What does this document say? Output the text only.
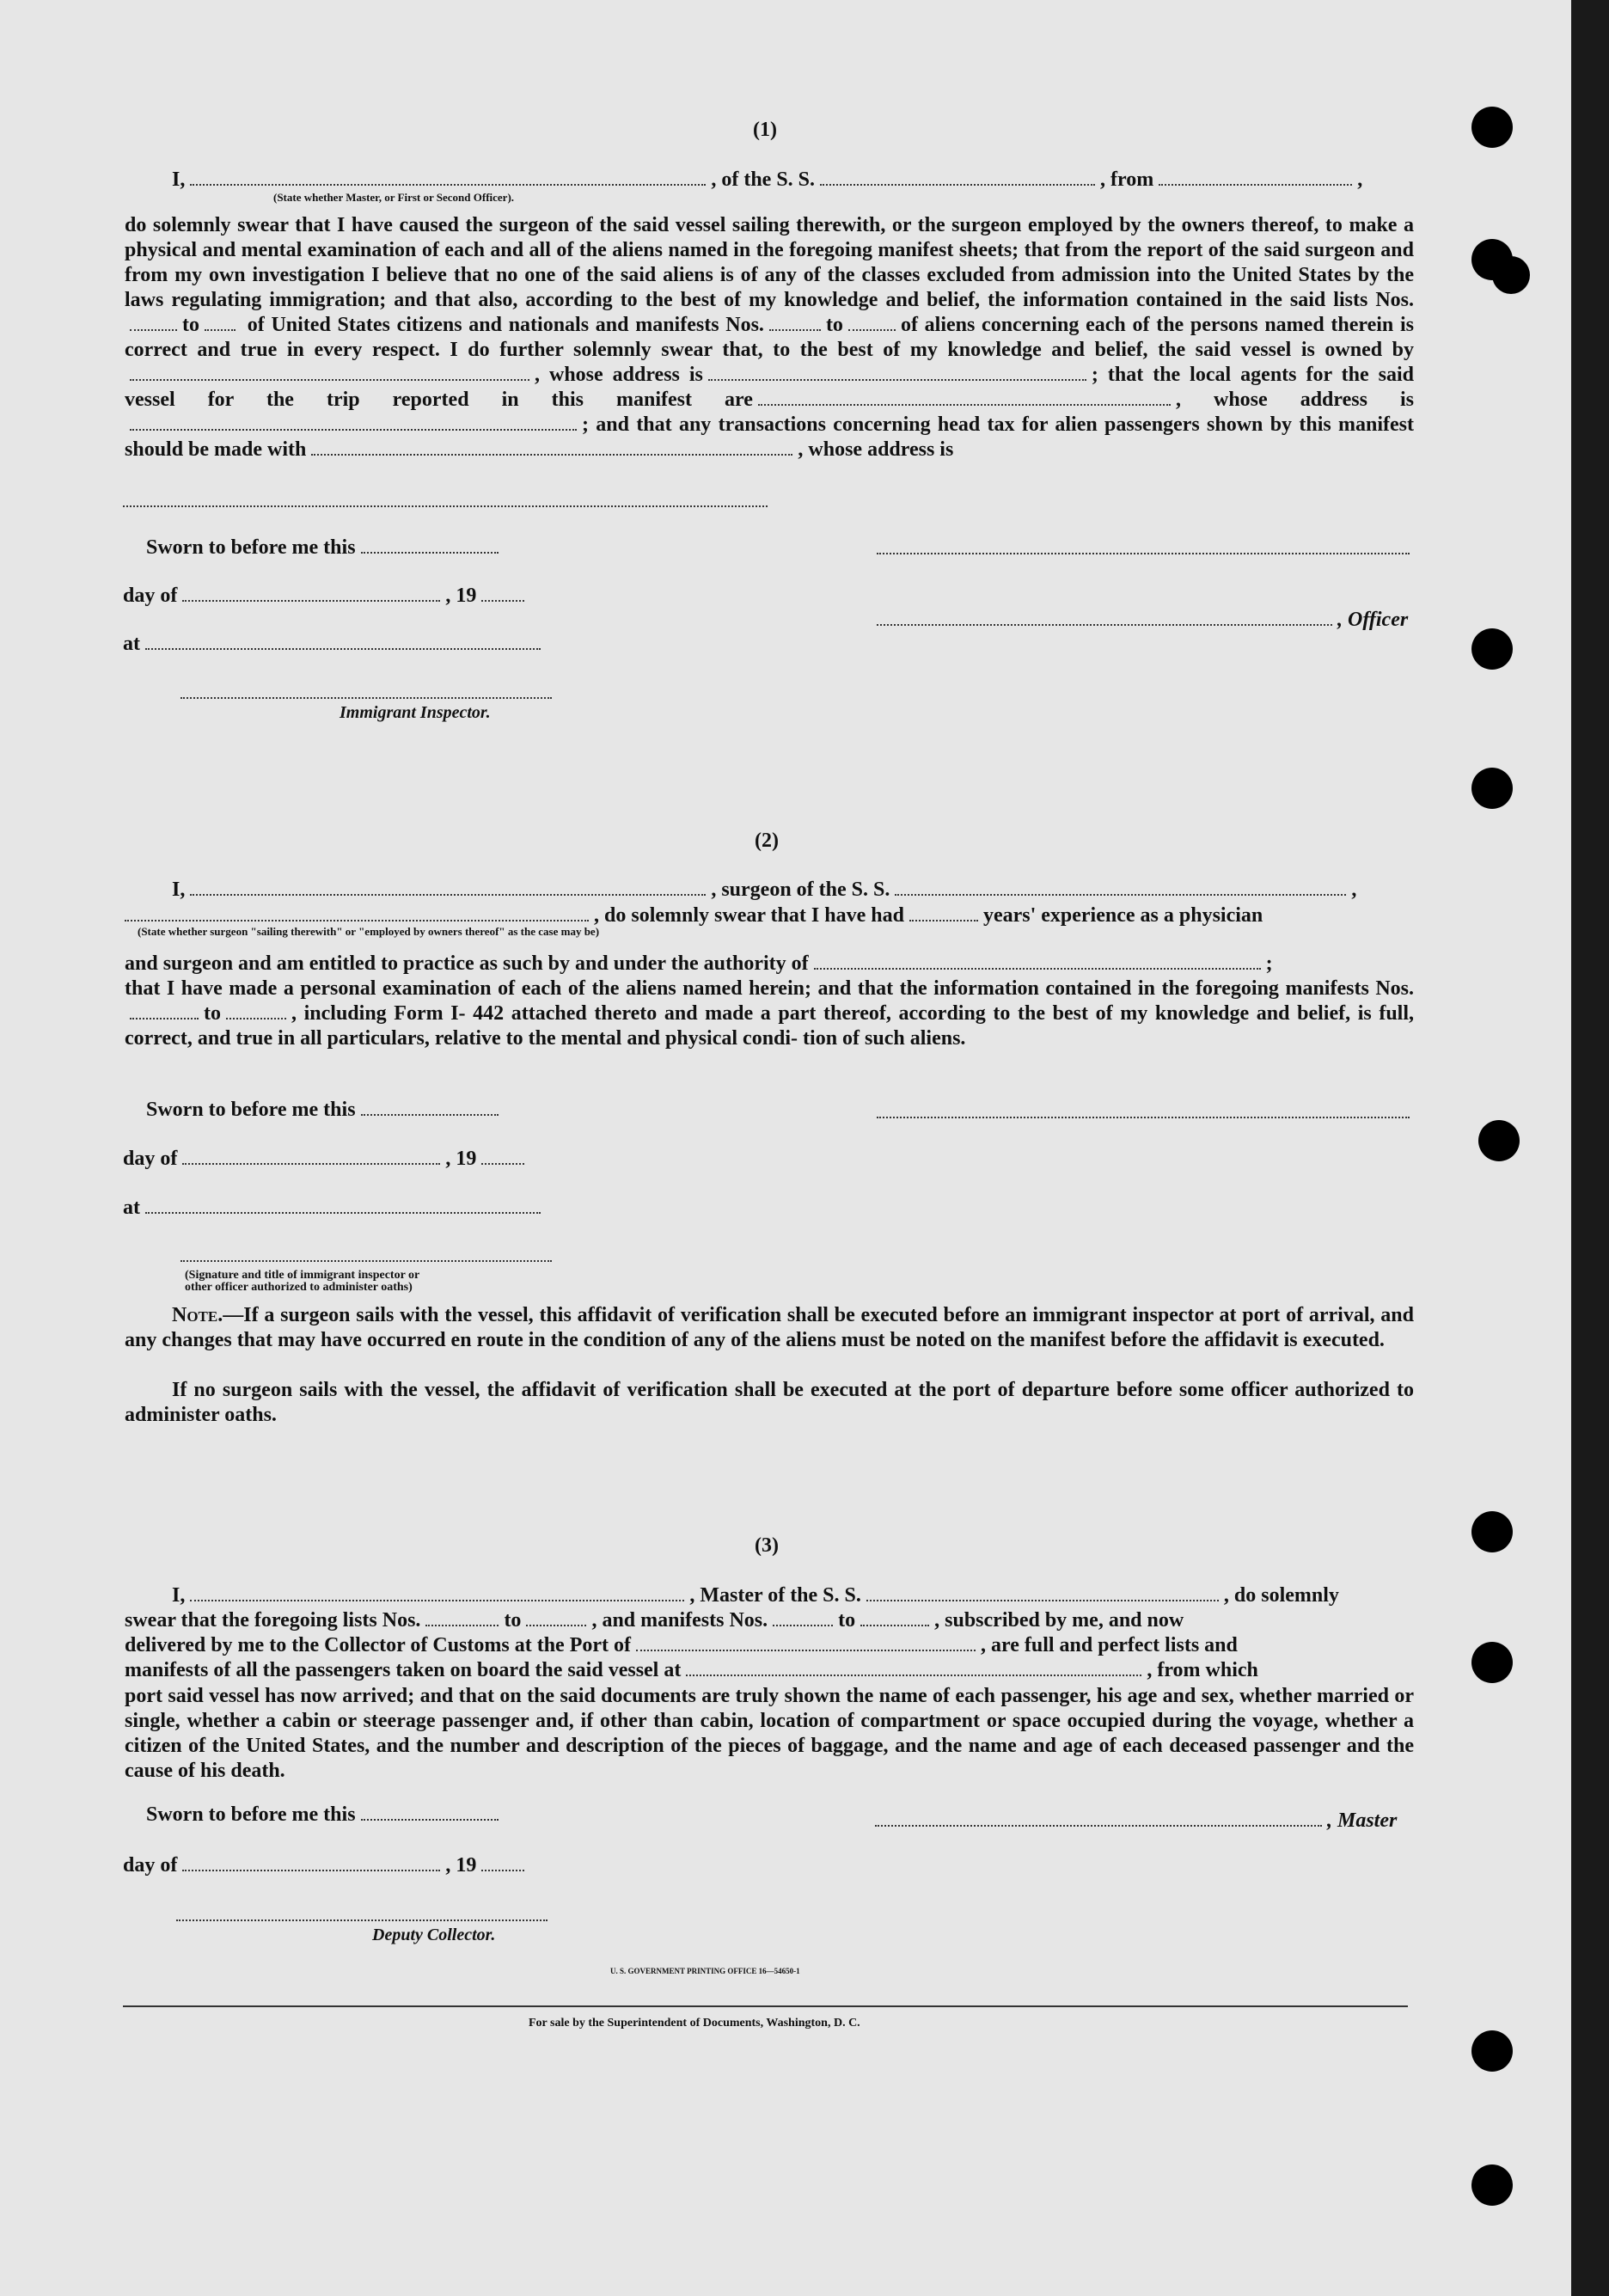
(1)
I,	, of the S. S.	, from	,
(State whether Master, or First or Second Officer).
do solemnly swear that I have caused the surgeon of the said vessel sailing therewith, or the surgeon employed by the owners thereof, to make a physical and mental examination of each and all of the aliens named in the foregoing manifest sheets; that from the report of the said surgeon and from my own investigation I believe that no one of the said aliens is of any of the classes excluded from admission into the United States by the laws regulating immigration; and that also, according to the best of my knowledge and belief, the information contained in the said lists Nos.to of United States citizens and nationals and manifests Nos.	to	of aliens concerning each of the persons named therein is correct and true in every respect. I do further solemnly swear that, to the best of my knowledge and belief, the said vessel is owned by, whose address is	; that the local agents for the said vessel for the trip reported in this manifest are	, whose address is; and that any transactions concerning head tax for alien passengers shown by this manifest should be made with	, whose address is
Sworn to before me this
day of	, 19
, Officer
at
Immigrant Inspector.
(2)
I,	, surgeon of the S. S.	,
, do solemnly swear that I have had	years' experience as a physician
(State whether surgeon "sailing therewith" or "employed by owners thereof" as the case may be)
and surgeon and am entitled to practice as such by and under the authority of	;
that I have made a personal examination of each of the aliens named herein; and that the information contained in the foregoing manifests Nos.to	, including Form I- 442 attached thereto and made a part thereof, according to the best of my knowledge and belief, is full, correct, and true in all particulars, relative to the mental and physical condi- tion of such aliens.
Sworn to before me this
day of	, 19
at
(Signature and title of immigrant inspector or
other officer authorized to administer oaths)
Note.—If a surgeon sails with the vessel, this affidavit of verification shall be executed before an immigrant inspector at port of arrival, and any changes that may have occurred en route in the condition of any of the aliens must be noted on the manifest before the affidavit is executed.
If no surgeon sails with the vessel, the affidavit of verification shall be executed at the port of departure before some officer authorized to administer oaths.
(3)
I,	, Master of the S. S.	, do solemnly
swear that the foregoing lists Nos.	to	, and manifests Nos.	to	, subscribed by me, and now
delivered by me to the Collector of Customs at the Port of	, are full and perfect lists and
manifests of all the passengers taken on board the said vessel at	, from which
port said vessel has now arrived; and that on the said documents are truly shown the name of each passenger, his age and sex, whether married or single, whether a cabin or steerage passenger and, if other than cabin, location of compartment or space occupied during the voyage, whether a citizen of the United States, and the number and description of the pieces of baggage, and the name and age of each deceased passenger and the cause of his death.
Sworn to before me this	, Master
day of	, 19
Deputy Collector.
U. S. GOVERNMENT PRINTING OFFICE 16—54650-1
For sale by the Superintendent of Documents, Washington, D. C.
